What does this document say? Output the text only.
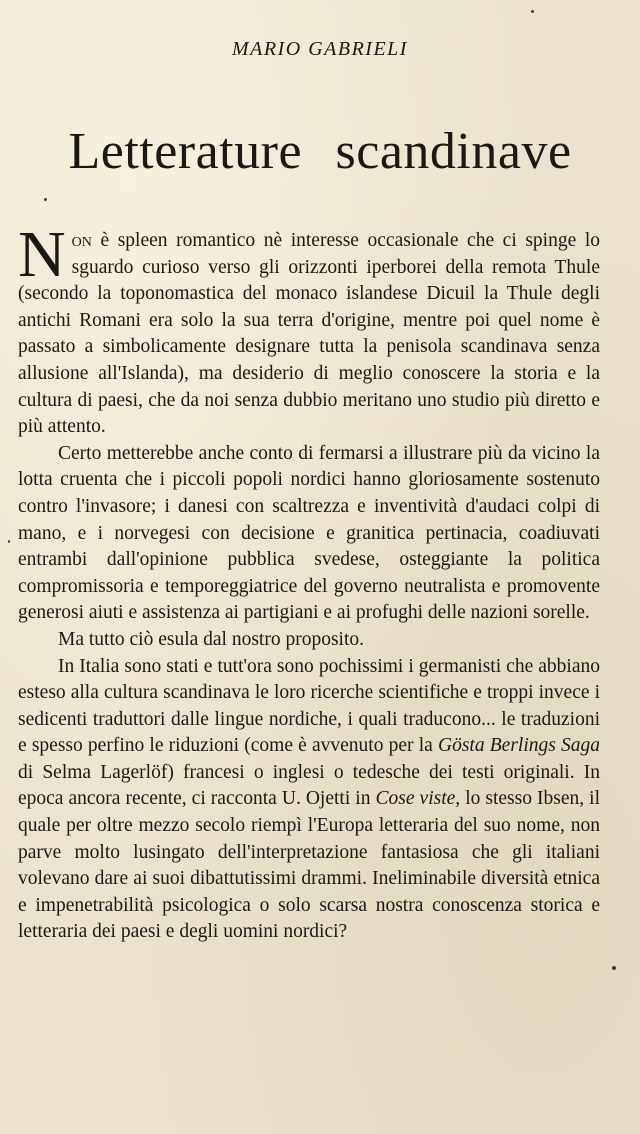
MARIO GABRIELI
Letterature scandinave

Non è spleen romantico nè interesse occasionale che ci spinge lo sguardo curioso verso gli orizzonti iperborei della remota Thule (secondo la toponomastica del monaco islandese Dicuil la Thule degli antichi Romani era solo la sua terra d'origine, mentre poi quel nome è passato a simbolicamente designare tutta la penisola scandinava senza allusione all'Islanda), ma desiderio di meglio conoscere la storia e la cultura di paesi, che da noi senza dubbio meritano uno studio più diretto e più attento.

Certo metterebbe anche conto di fermarsi a illustrare più da vicino la lotta cruenta che i piccoli popoli nordici hanno gloriosamente sostenuto contro l'invasore; i danesi con scaltrezza e inventività d'audaci colpi di mano, e i norvegesi con decisione e granitica pertinacia, coadiuvati entrambi dall'opinione pubblica svedese, osteggiante la politica compromissoria e temporeggiatrice del governo neutralista e promovente generosi aiuti e assistenza ai partigiani e ai profughi delle nazioni sorelle.

Ma tutto ciò esula dal nostro proposito.

In Italia sono stati e tutt'ora sono pochissimi i germanisti che abbiano esteso alla cultura scandinava le loro ricerche scientifiche e troppi invece i sedicenti traduttori dalle lingue nordiche, i quali traducono... le traduzioni e spesso perfino le riduzioni (come è avvenuto per la Gösta Berlings Saga di Selma Lagerlöf) francesi o inglesi o tedesche dei testi originali. In epoca ancora recente, ci racconta U. Ojetti in Cose viste, lo stesso Ibsen, il quale per oltre mezzo secolo riempì l'Europa letteraria del suo nome, non parve molto lusingato dell'interpretazione fantasiosa che gli italiani volevano dare ai suoi dibattutissimi drammi. Ineliminabile diversità etnica e impenetrabilità psicologica o solo scarsa nostra conoscenza storica e letteraria dei paesi e degli uomini nordici?
